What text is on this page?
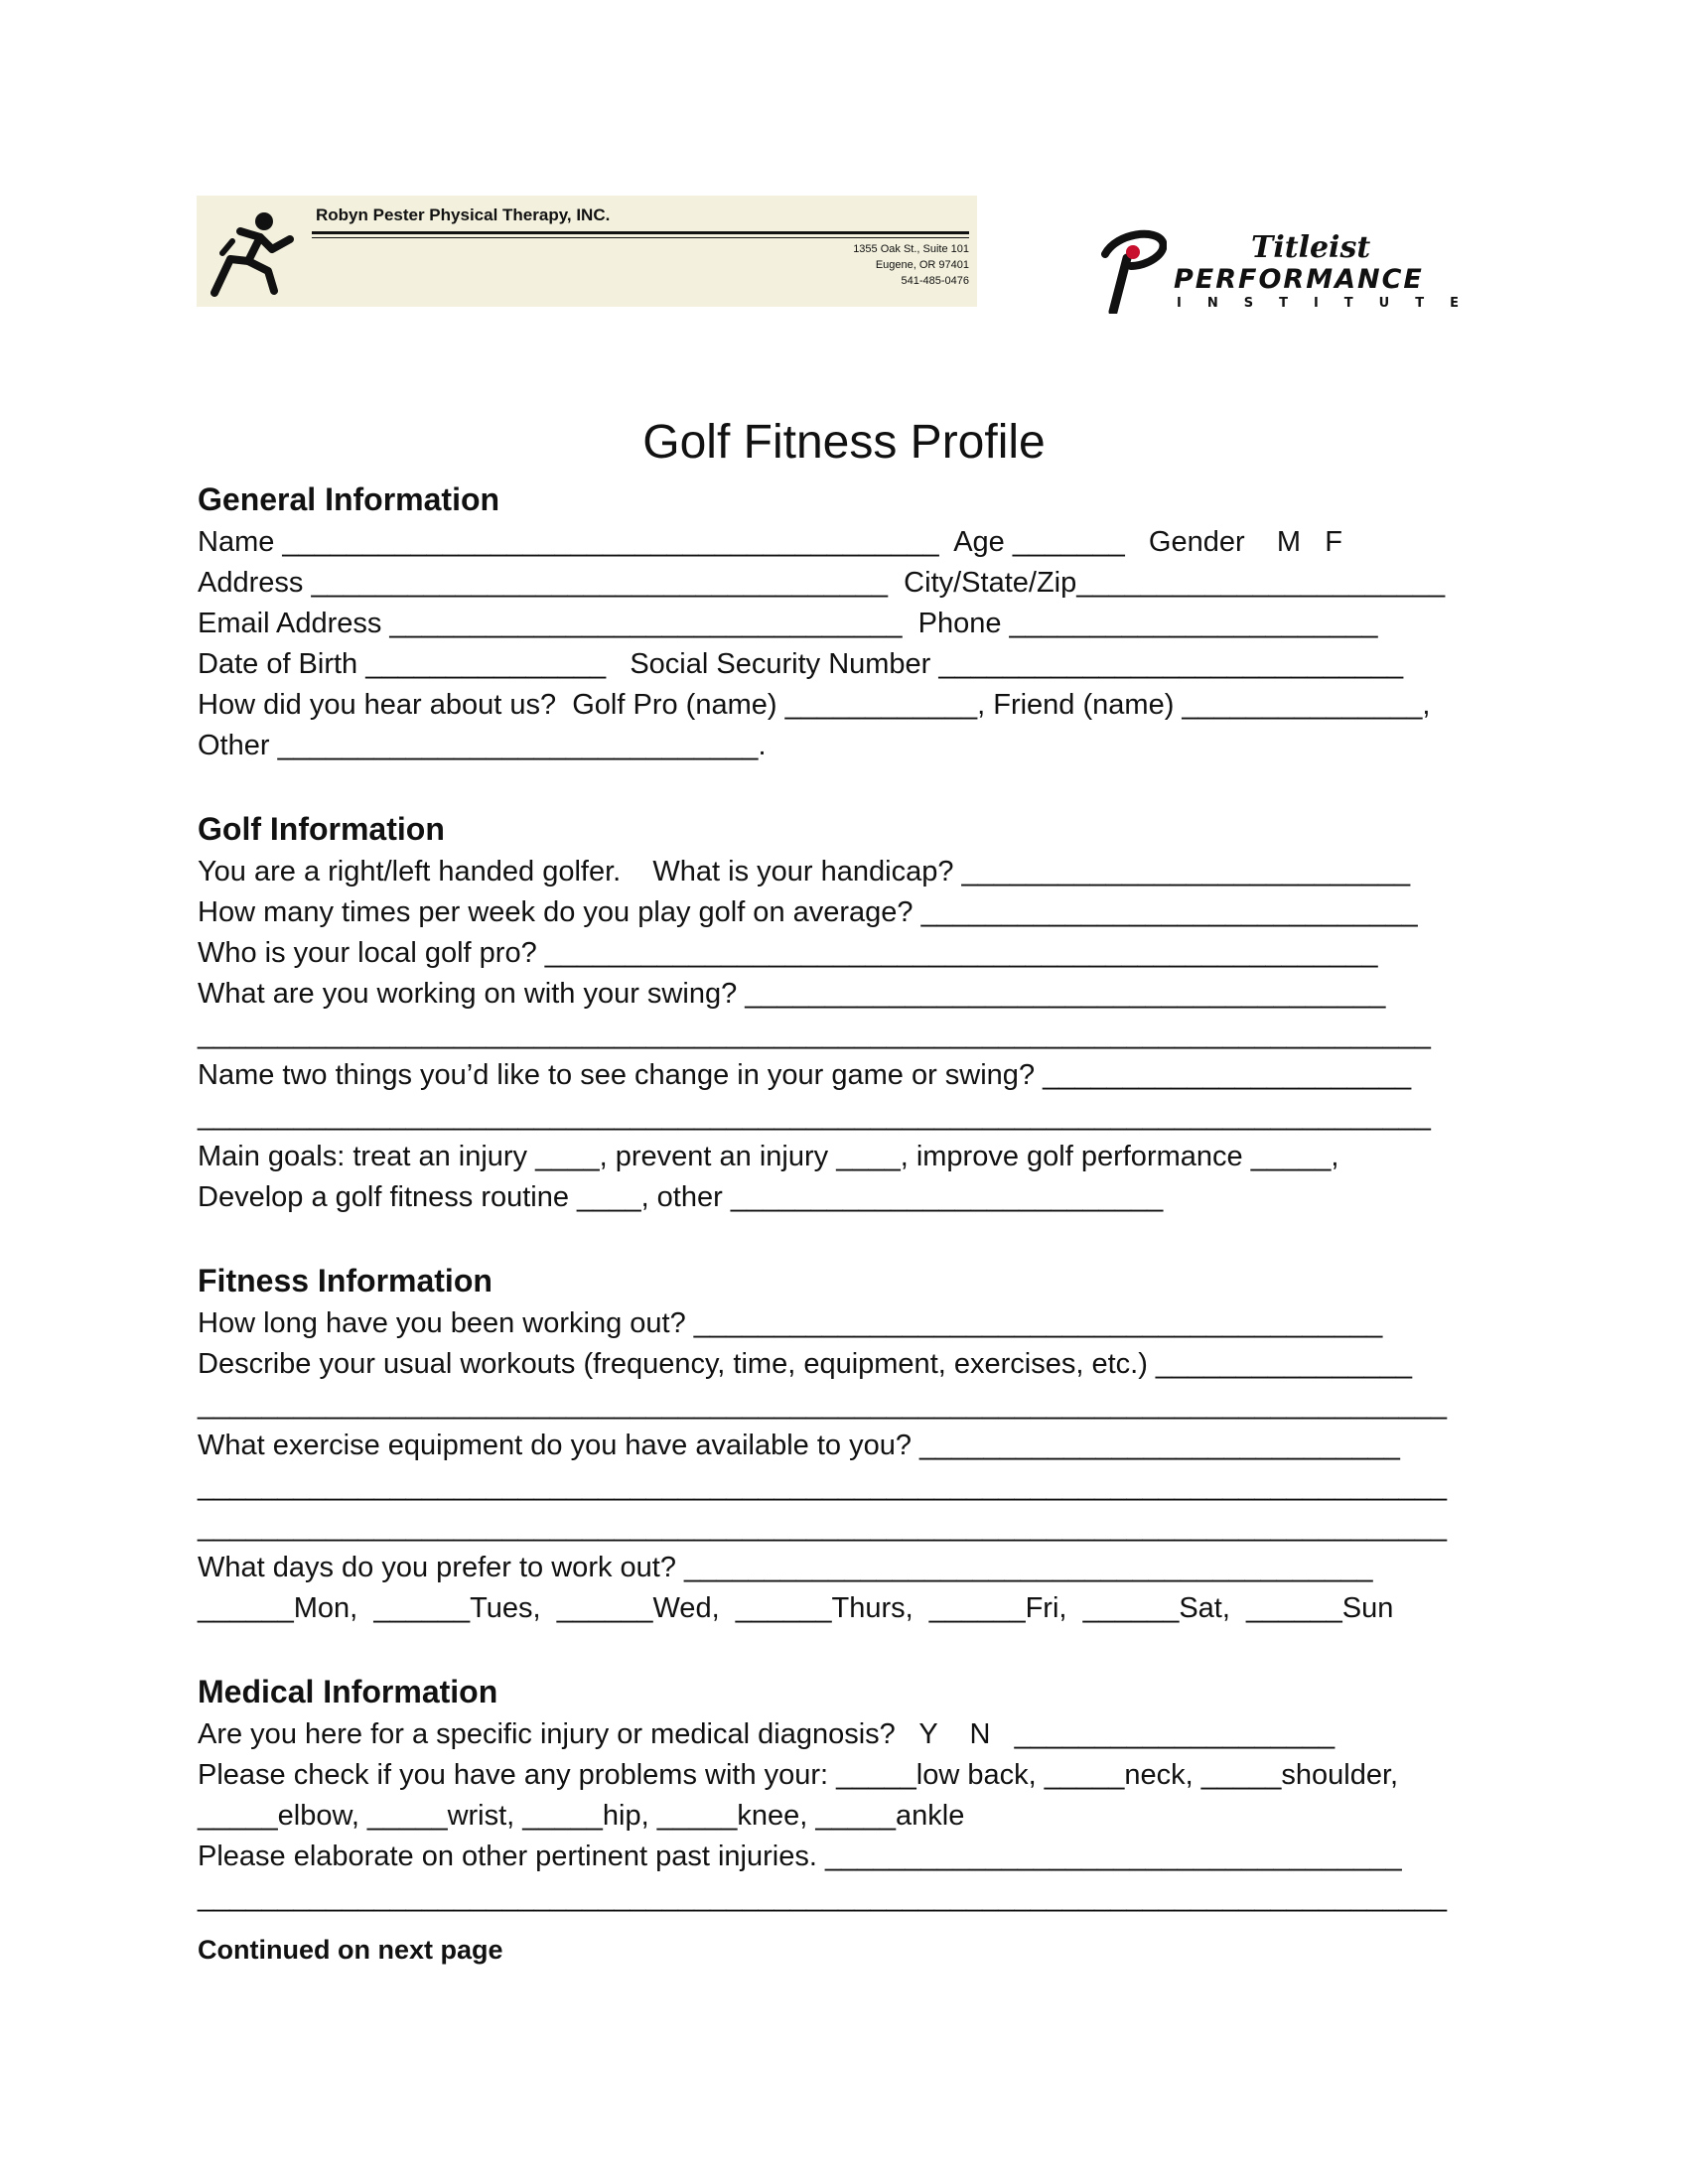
Robyn Pester Physical Therapy, INC.
1355 Oak St., Suite 101
Eugene, OR 97401
541-485-0476
Titleist
PERFORMANCE
INSTITUTE
Golf Fitness Profile
General Information
Name _________________________________________  Age _______   Gender    M   F
Address ____________________________________  City/State/Zip_______________________
Email Address ________________________________  Phone _______________________
Date of Birth _______________   Social Security Number _____________________________
How did you hear about us?  Golf Pro (name) ____________, Friend (name) _______________,
Other ______________________________.
Golf Information
You are a right/left handed golfer.    What is your handicap? ____________________________
How many times per week do you play golf on average? _______________________________
Who is your local golf pro? ____________________________________________________
What are you working on with your swing? ________________________________________
_____________________________________________________________________________
Name two things you’d like to see change in your game or swing? _______________________
_____________________________________________________________________________
Main goals: treat an injury ____, prevent an injury ____, improve golf performance _____,
Develop a golf fitness routine ____, other ___________________________
Fitness Information
How long have you been working out? ___________________________________________
Describe your usual workouts (frequency, time, equipment, exercises, etc.) ________________
______________________________________________________________________________
What exercise equipment do you have available to you? ______________________________
______________________________________________________________________________
______________________________________________________________________________
What days do you prefer to work out? ___________________________________________
______Mon,  ______Tues,  ______Wed,  ______Thurs,  ______Fri,  ______Sat,  ______Sun
Medical Information
Are you here for a specific injury or medical diagnosis?   Y    N   ____________________
Please check if you have any problems with your: _____low back, _____neck, _____shoulder,
_____elbow, _____wrist, _____hip, _____knee, _____ankle
Please elaborate on other pertinent past injuries. ____________________________________
______________________________________________________________________________
Continued on next page
